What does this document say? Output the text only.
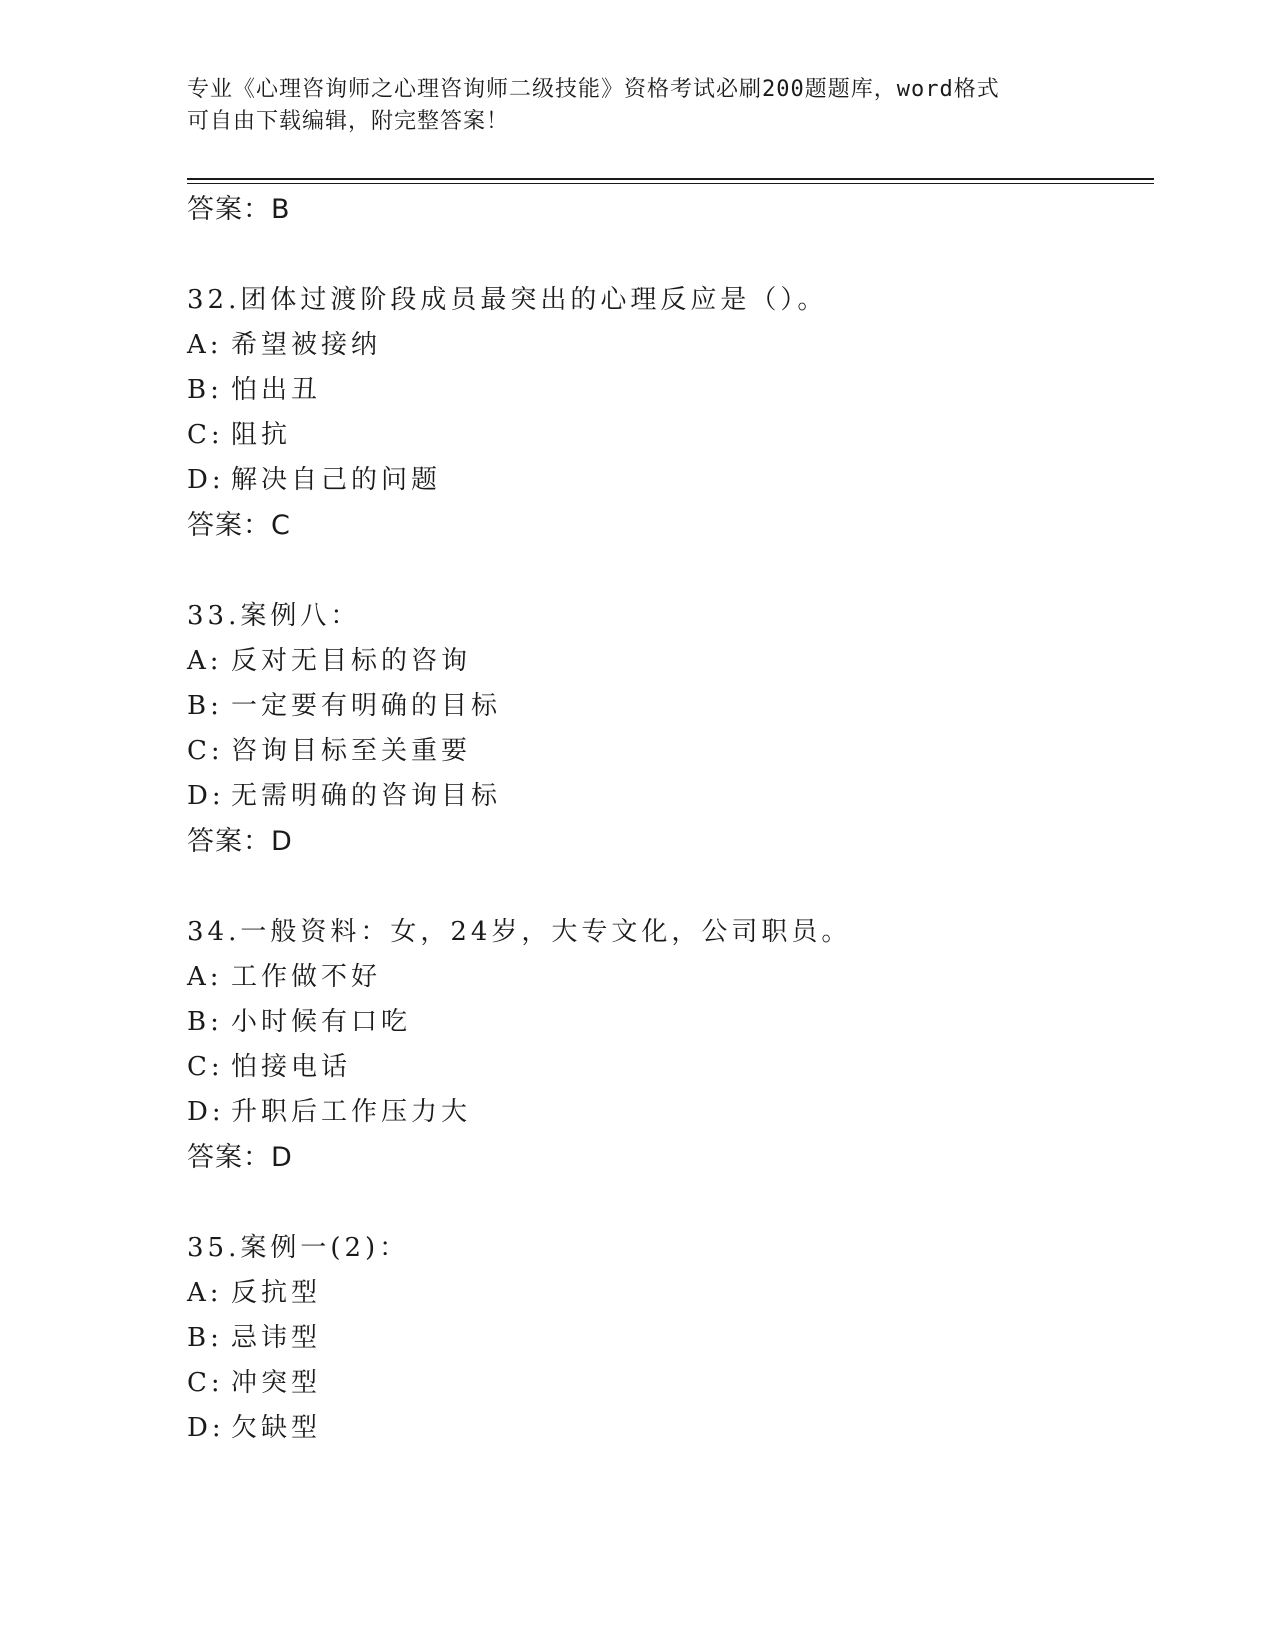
专业《心理咨询师之心理咨询师二级技能》资格考试必刷200题题库，word格式
可自由下载编辑，附完整答案！
答案：B
32.团体过渡阶段成员最突出的心理反应是（）。
A: 希望被接纳
B: 怕出丑
C: 阻抗
D: 解决自己的问题
答案：C
33.案例八：
A: 反对无目标的咨询
B: 一定要有明确的目标
C: 咨询目标至关重要
D: 无需明确的咨询目标
答案：D
34.一般资料：女，24岁，大专文化，公司职员。
A: 工作做不好
B: 小时候有口吃
C: 怕接电话
D: 升职后工作压力大
答案：D
35.案例一(2)：
A: 反抗型
B: 忌讳型
C: 冲突型
D: 欠缺型
